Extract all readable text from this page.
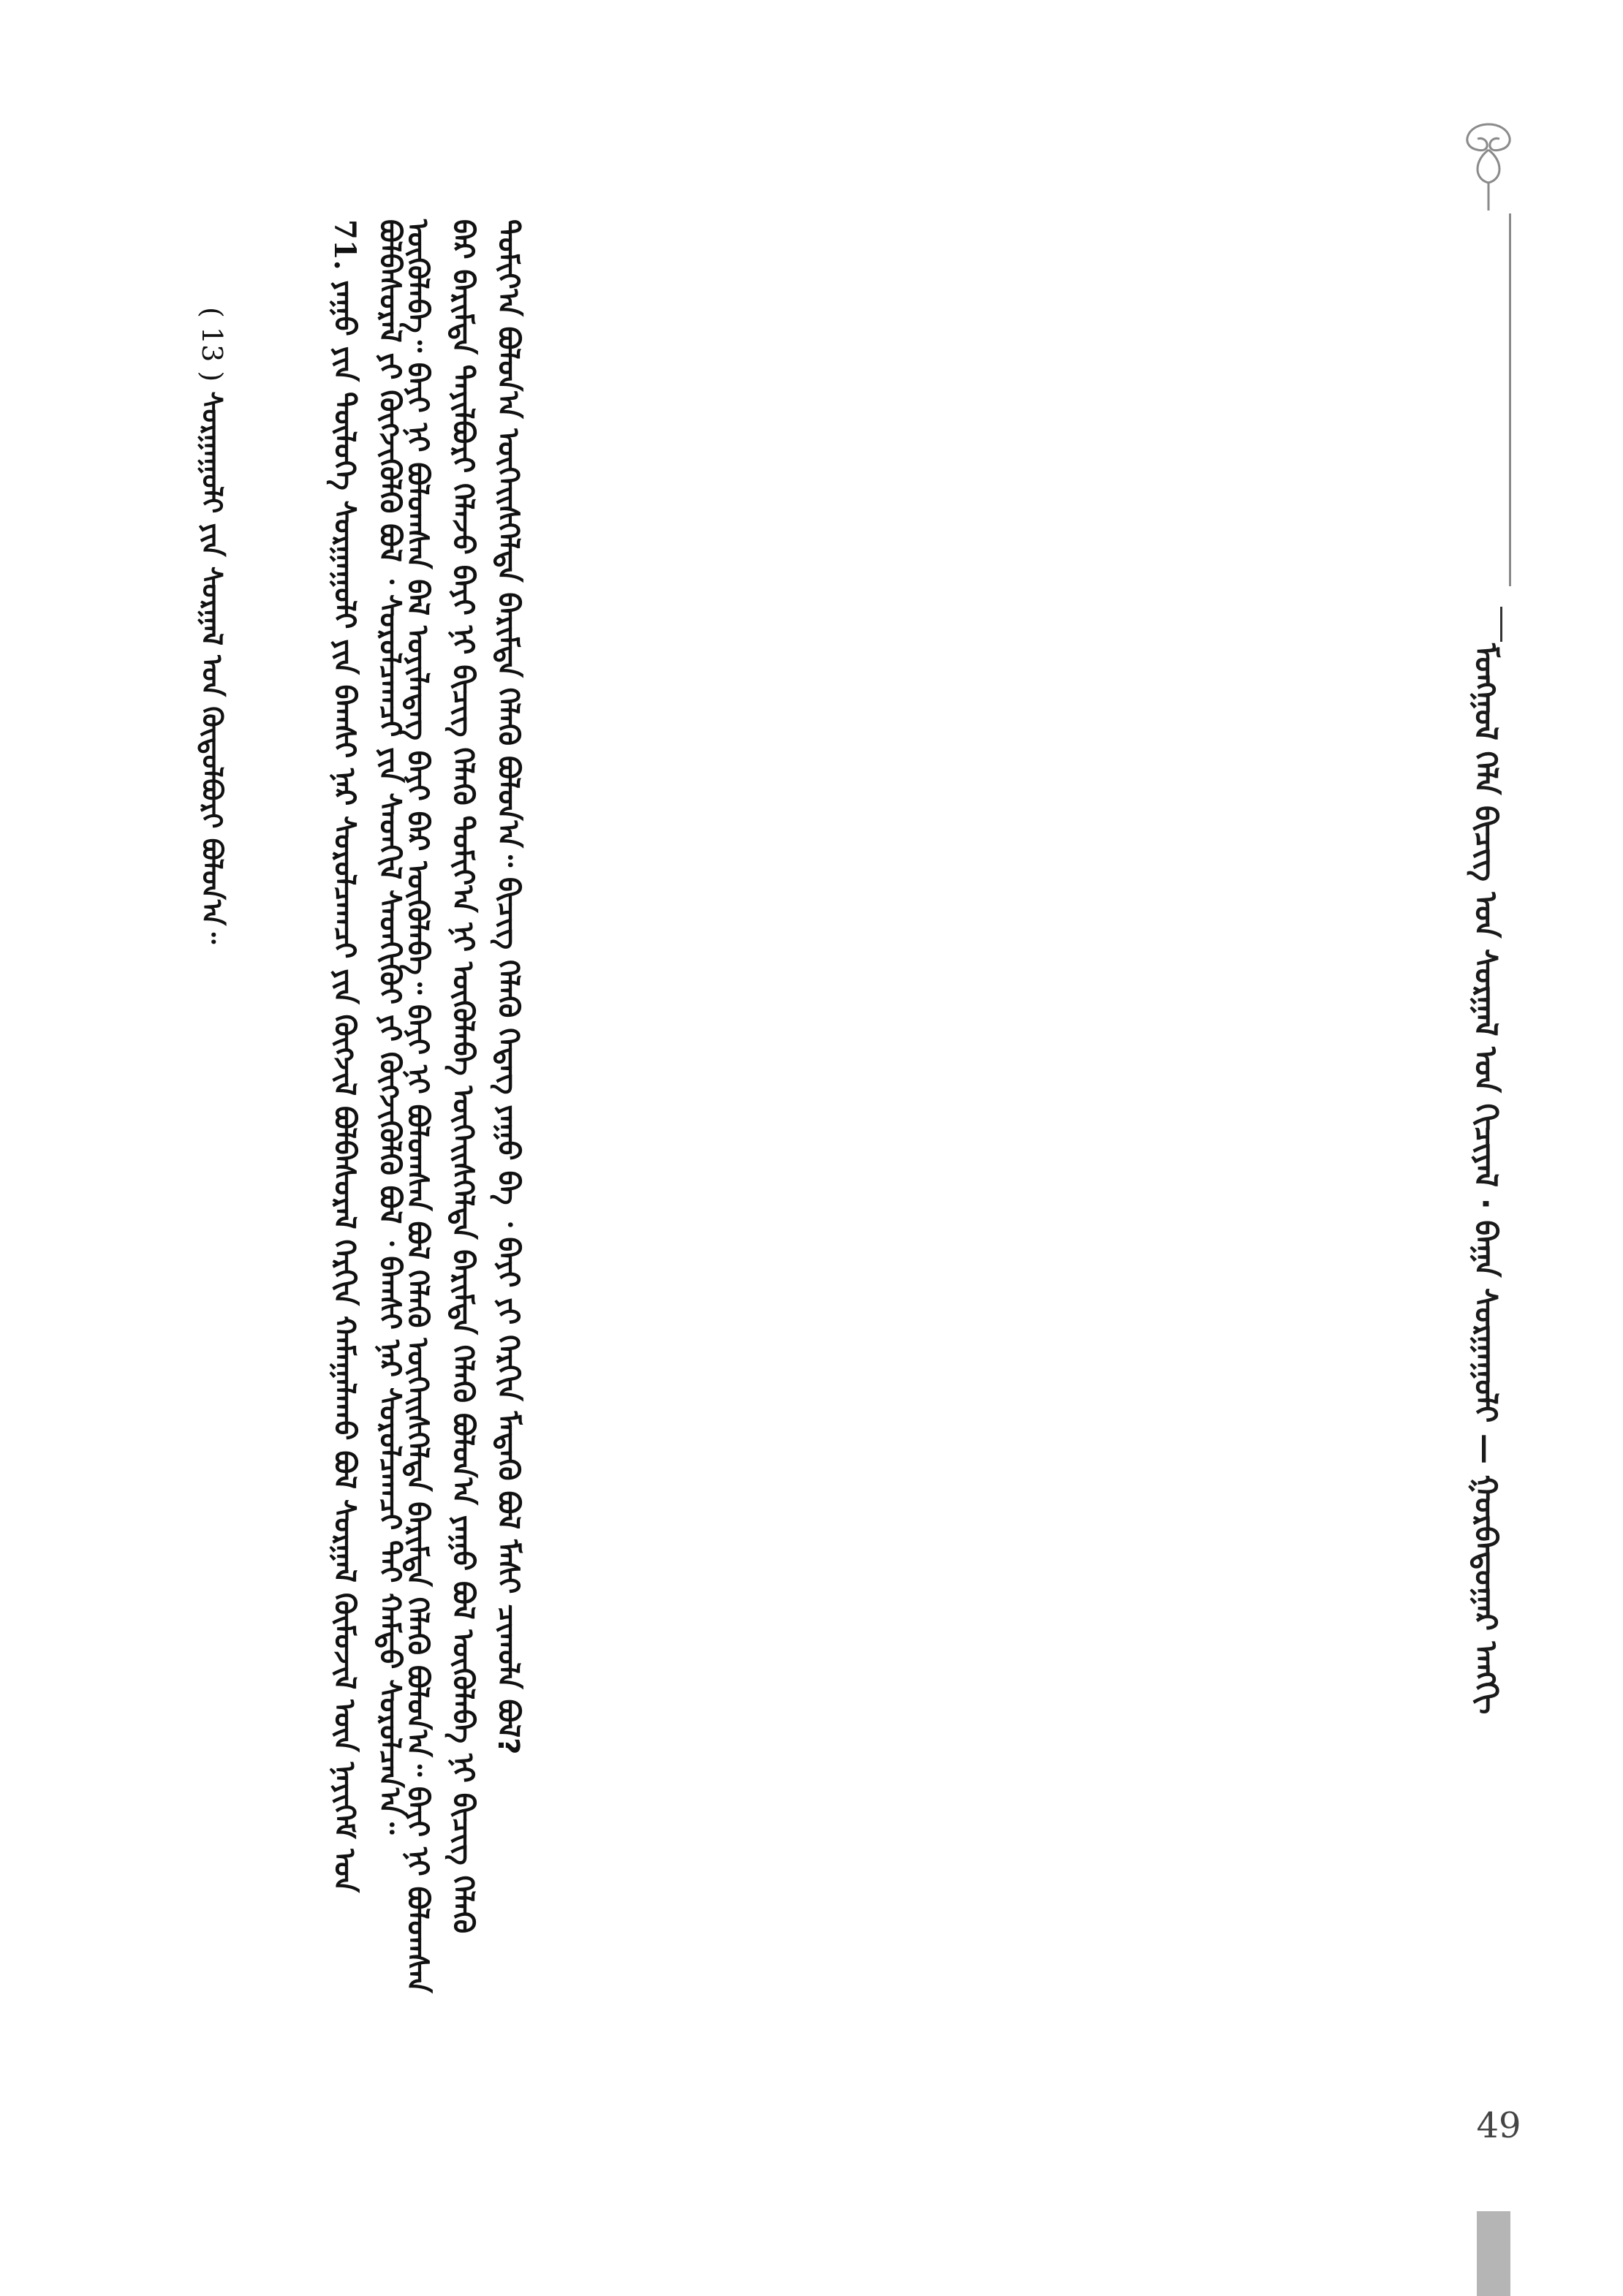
ᠮᠣᠩᠭᠣᠯ ᠬᠡᠯᠡ ᠪᠢᠴᠢᠭ ᠤᠨ ᠰᠣᠷᠭᠠᠯ ᠤᠨ ᠬᠢᠴᠢᠶᠡᠯ · ᠪᠠᠭᠠ ᠰᠤᠷᠭᠠᠭᠤᠯᠢ — ᠭᠤᠷᠪᠠᠳᠤᠭᠠᠷ ᠠᠩᠭᠢ

ᠦᠭᠦᠯᠡᠪᠡ᠃ ᠪᠠᠶᠢ ᠨᠢ ᠪᠤᠯᠤᠭᠰᠠᠨ ᠪᠡᠯ ᠤᠶᠢᠯᠡᠳᠡᠭ ᠪᠠᠶᠢ ᠪᠡᠷ ᠦᠭᠦᠯᠡᠪᠡ᠃ ᠪᠠᠶᠢ ᠨᠢ ᠪᠤᠯᠤᠭᠰᠠᠨ ᠪᠣᠯ ᠬᠡᠯᠡᠬᠦ ᠦᠭᠡᠢᠰᠭᠡᠯᠲᠡ ᠪᠠᠷᠢᠮᠲᠠ ᠬᠡᠯᠡᠬᠦ ᠪᠣᠯᠤᠨ᠎ᠠ᠃ ᠪᠠᠶᠢ ᠨᠢ ᠪᠤᠯᠤᠭᠰᠠᠨ ᠪᠡᠷ ᠪᠠᠷᠢᠮᠲᠠ ᠲᠠᠶᠢᠯᠪᠤᠷᠢ ᠬᠡᠯᠡᠵᠦ ᠪᠠᠶᠢ ᠨᠢ ᠪᠢᠴᠢᠭ᠌ ᠬᠡᠯᠡᠬᠦ ᠲᠣᠮᠢᠶ᠎ᠠ ᠨᠢ ᠦᠭᠦᠯᠡᠪᠡ ᠦᠭᠡᠢᠰᠭᠡᠯᠲᠡ ᠪᠠᠷᠢᠮᠲᠠ ᠬᠡᠯᠡᠬᠦ ᠪᠣᠯᠤᠨ᠎ᠠ ᠶᠠᠭᠤ ᠪᠣᠯ ᠦᠭᠦᠯᠡᠪᠡ ᠨᠢ ᠪᠢᠴᠢᠭ᠌ ᠬᠡᠯᠡᠬᠦ ᠲᠣᠮᠢᠶ᠎ᠠ ᠪᠣᠯᠤᠨ᠎ᠠ ᠦᠭᠡᠢᠰᠭᠡᠯᠲᠡ ᠪᠠᠷᠢᠮᠲᠠ ᠬᠡᠯᠡᠬᠦ ᠪᠣᠯᠤᠨ᠎ᠠ᠃ ᠪᠢᠴᠢᠭ᠌ ᠬᠡᠯᠡᠬᠦ ᠭᠡᠳᠡᠭ ᠶᠠᠭᠤ ᠪᠡ ᠂ ᠪᠠᠶᠢ ᠶᠢ ᠬᠡᠷᠬᠢᠨ ᠮᠡᠳᠡᠬᠦ ᠪᠣᠯ ᠮᠠᠰᠢ ᠴᠢᠬᠤᠯᠠ ᠪᠣᠯ?

71. ᠶᠠᠭᠤ ᠶᠢᠨ ᠲᠥᠯᠦᠭᠡ ᠰᠤᠷᠭᠠᠭᠤᠯᠢ ᠶᠢᠨ ᠪᠠᠭᠰᠢ ᠨᠠᠷ ᠰᠤᠷᠤᠯᠴᠠᠭᠴᠢ ᠶᠢᠨ ᠬᠥᠭᠵᠢᠯ ᠪᠣᠯᠪᠠᠰᠤᠷᠠᠯ ᠬᠡᠷᠬᠢᠨ ᠬᠠᠮᠠᠭᠠᠯᠠᠬᠤ ᠪᠣᠯ ᠰᠤᠷᠭᠠᠯ ᠬᠦᠮᠦᠵᠢᠯ ᠦᠨ ᠨᠡᠶᠢᠭᠡᠮ ᠤᠨ ᠪᠣᠯᠪᠠᠰᠤᠷᠠᠯ ᠶᠢ ᠬᠥᠭᠵᠢᠭᠦᠯᠬᠦ ᠪᠣᠯ ᠂ ᠰᠤᠷᠤᠯᠴᠠᠭᠴᠢ ᠶᠢᠨ ᠰᠡᠳᠬᠢᠯ ᠰᠡᠳᠬᠢᠬᠦᠢ ᠶᠢ ᠬᠥᠭᠵᠢᠭᠦᠯᠬᠦ ᠪᠣᠯ ᠂ ᠪᠠᠭᠰᠢ ᠨᠠᠷ ᠰᠤᠷᠤᠯᠴᠠᠭᠴᠢ ᠲᠠᠢ ᠬᠠᠮᠲᠤ ᠰᠤᠷᠤᠯᠴᠠᠨ᠎ᠠ᠃
( 13 ) ᠰᠤᠷᠭᠠᠭᠤᠯᠢ ᠶᠢᠨ ᠰᠤᠷᠭᠠᠯ ᠤᠨ ᠬᠥᠲᠦᠯᠪᠦᠷᠢ ᠪᠣᠯᠤᠨ᠎ᠠ᠃
49
